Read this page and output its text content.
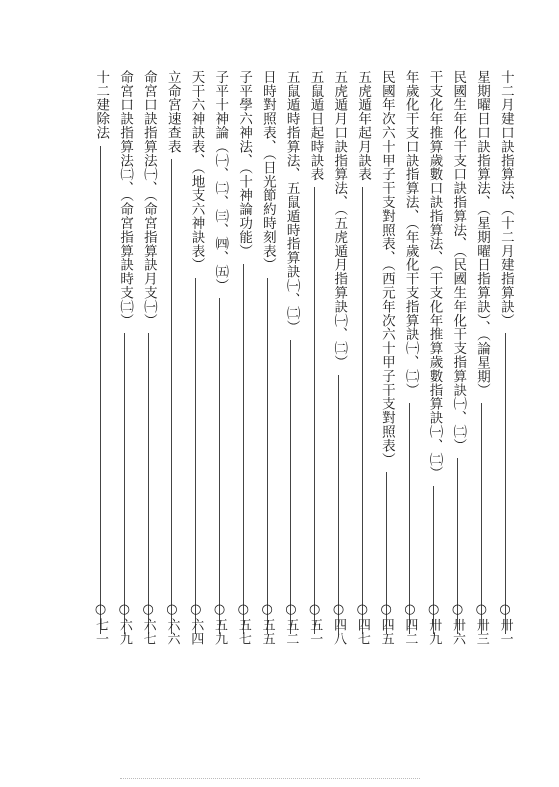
十二月建口訣指算法、（十二月建指算訣）
○卅一
星期曜日口訣指算法、（星期曜日指算訣）、（論星期）
○卅三
民國生年化干支口訣指算法、（民國生年化干支指算訣㈠、㈡）
○卅六
干支化年推算歲數口訣指算法、（干支化年推算歲數指算訣㈠、㈡）
○卅九
年歲化干支口訣指算法、（年歲化干支指算訣㈠、㈡）
○四二
民國年次六十甲子干支對照表、（西元年次六十甲子干支對照表）
○四五
五虎遁年起月訣表
○四七
五虎遁月口訣指算法、（五虎遁月指算訣㈠、㈡）
○四八
五鼠遁日起時訣表
○五一
五鼠遁時指算法、五鼠遁時指算訣㈠、㈡）
○五二
日時對照表、（日光節約時刻表）
○五五
子平學六神法、（十神論功能）
○五七
子平十神論（㈠、㈡、㈢、㈣、㈤）
○五九
天干六神訣表、（地支六神訣表）
○六四
立命宮速查表
○六六
命宮口訣指算法㈠、（命宮指算訣月支㈠）
○六七
命宮口訣指算法㈡、（命宮指算訣時支㈡）
○六九
十二建除法
○七一
